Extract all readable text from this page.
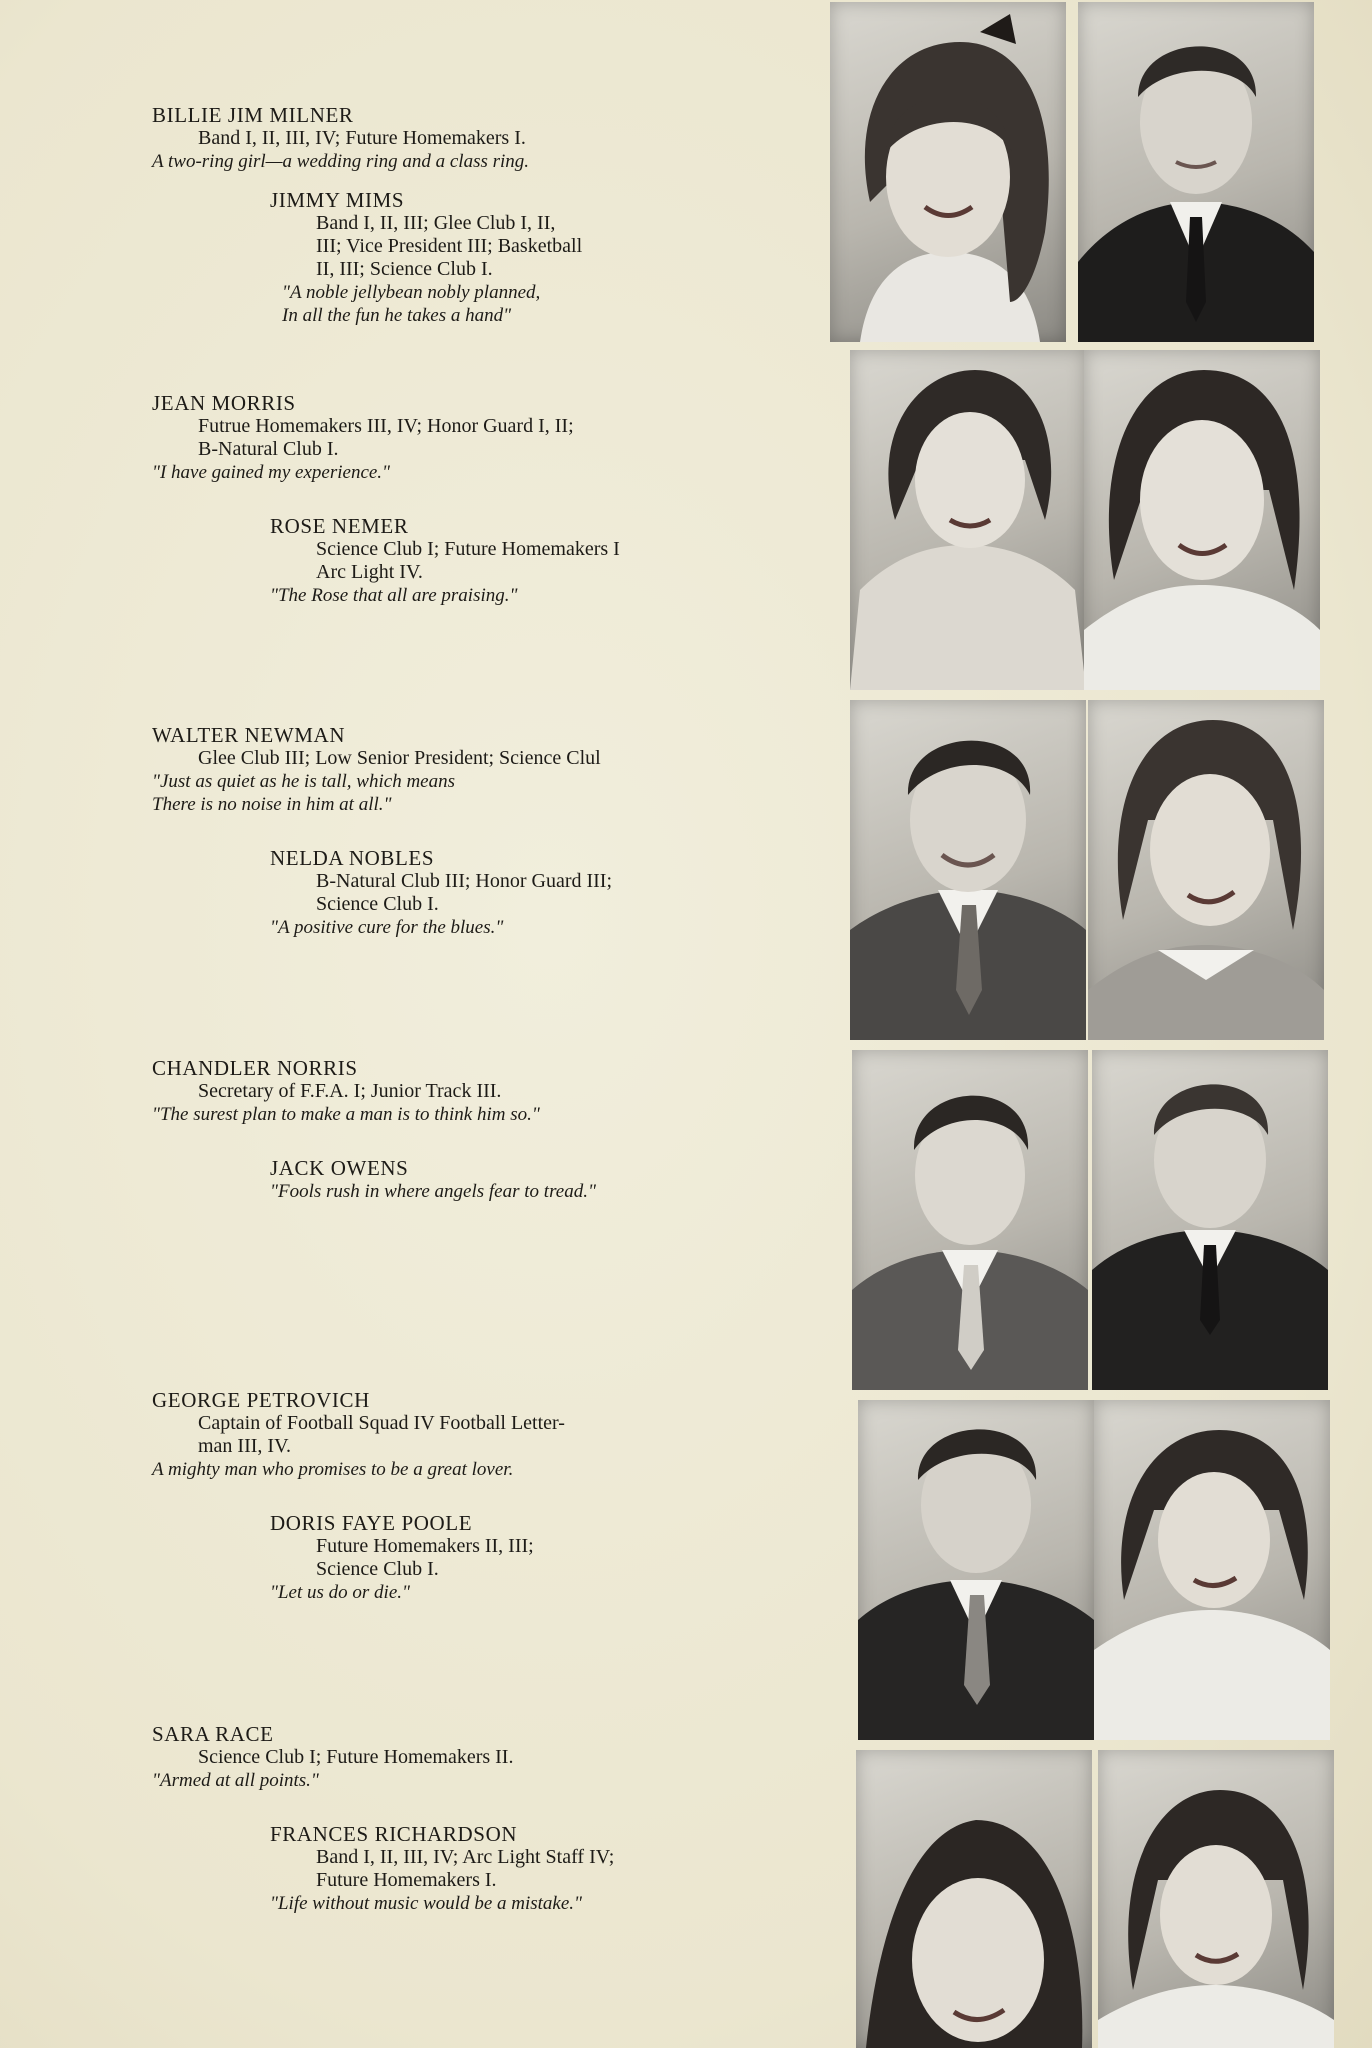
BILLIE JIM MILNER

Band I, II, III, IV; Future Homemakers I.

A two-ring girl—a wedding ring and a class ring.

JIMMY MIMS

Band I, II, III; Glee Club I, II,
III; Vice President III; Basketball
II, III; Science Club I.

"A noble jellybean nobly planned,
In all the fun he takes a hand"

JEAN MORRIS

Futrue Homemakers III, IV; Honor Guard I, II;
B-Natural Club I.

"I have gained my experience."

ROSE NEMER

Science Club I; Future Homemakers I
Arc Light IV.

"The Rose that all are praising."

WALTER NEWMAN

Glee Club III; Low Senior President; Science Clul

"Just as quiet as he is tall, which means
There is no noise in him at all."

NELDA NOBLES

B-Natural Club III; Honor Guard III;
Science Club I.

"A positive cure for the blues."

CHANDLER NORRIS

Secretary of F.F.A. I; Junior Track III.

"The surest plan to make a man is to think him so."

JACK OWENS

"Fools rush in where angels fear to tread."

GEORGE PETROVICH

Captain of Football Squad IV Football Letter-
man III, IV.

A mighty man who promises to be a great lover.

DORIS FAYE POOLE

Future Homemakers II, III;
Science Club I.

"Let us do or die."

SARA RACE

Science Club I; Future Homemakers II.

"Armed at all points."

FRANCES RICHARDSON

Band I, II, III, IV; Arc Light Staff IV;
Future Homemakers I.

"Life without music would be a mistake."
